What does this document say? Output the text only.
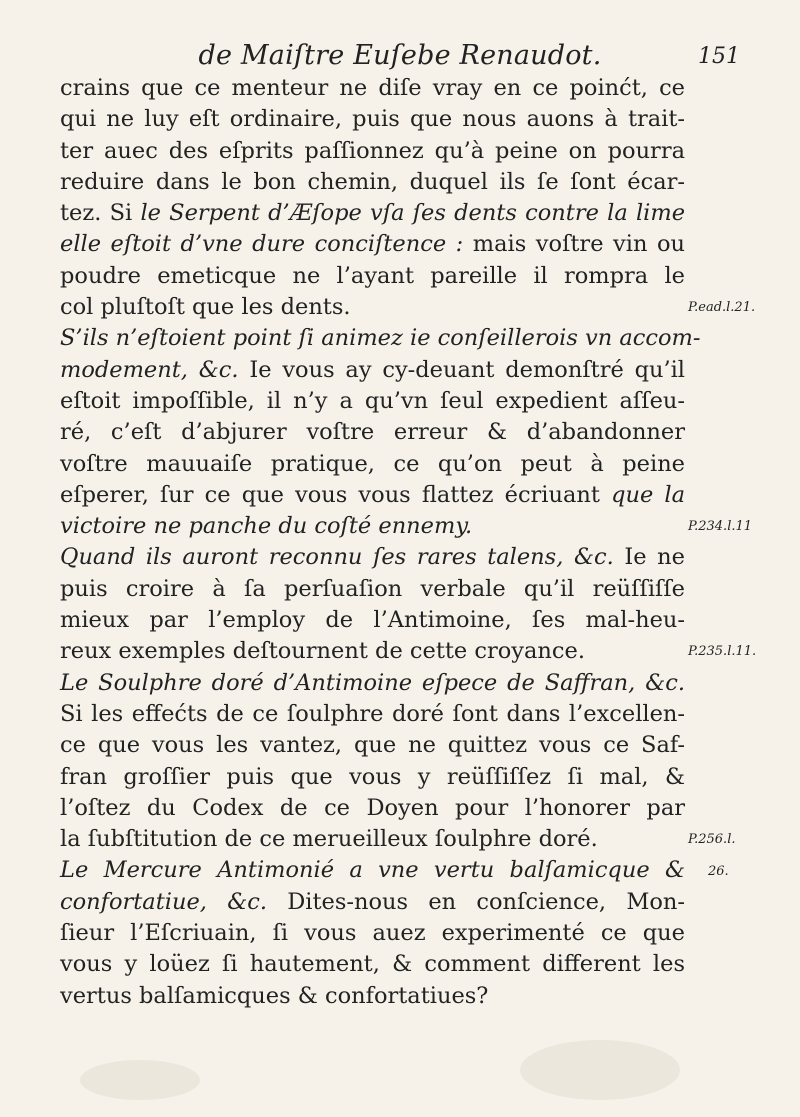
de Maiſtre Euſebe Renaudot.	151
crains que ce menteur ne diſe vray en ce poinćt, ce
qui ne luy eſt ordinaire, puis que nous auons à trait-
ter auec des eſprits paſſionnez qu’à peine on pourra
reduire dans le bon chemin, duquel ils ſe ſont écar-
tez. Si le Serpent d’Æſope vſa ſes dents contre la lime
elle eſtoit d’vne dure conciſtence : mais voſtre vin ou
poudre emeticque ne l’ayant pareille il rompra le
col pluſtoſt que les dents.
S’ils n’eſtoient point ſi animez ie conſeillerois vn accom-
modement, &c. Ie vous ay cy-deuant demonſtré qu’il
eſtoit impoſſible, il n’y a qu’vn ſeul expedient aſſeu-
ré, c’eſt d’abjurer voſtre erreur & d’abandonner
voſtre mauuaiſe pratique, ce qu’on peut à peine
eſperer, ſur ce que vous vous flattez écriuant que la
victoire ne panche du coſté ennemy.
Quand ils auront reconnu ſes rares talens, &c. Ie ne
puis croire à ſa perſuaſion verbale qu’il reüſſiſſe
mieux par l’employ de l’Antimoine, ſes mal-heu-
reux exemples deſtournent de cette croyance.
Le Soulphre doré d’Antimoine eſpece de Saffran, &c.
Si les effećts de ce ſoulphre doré ſont dans l’excellen-
ce que vous les vantez, que ne quittez vous ce Saf-
fran groſſier puis que vous y reüſſiſſez ſi mal, &
l’oſtez du Codex de ce Doyen pour l’honorer par
la ſubſtitution de ce merueilleux ſoulphre doré.
Le Mercure Antimonié a vne vertu balſamicque &
confortatiue, &c. Dites-nous en conſcience, Mon-
ſieur l’Eſcriuain, ſi vous auez experimenté ce que
vous y loüez ſi hautement, & comment different les
vertus balſamicques & confortatiues?
P.ead.l.21.
P.234.l.11
P.235.l.11.
P.256.l.
26.
